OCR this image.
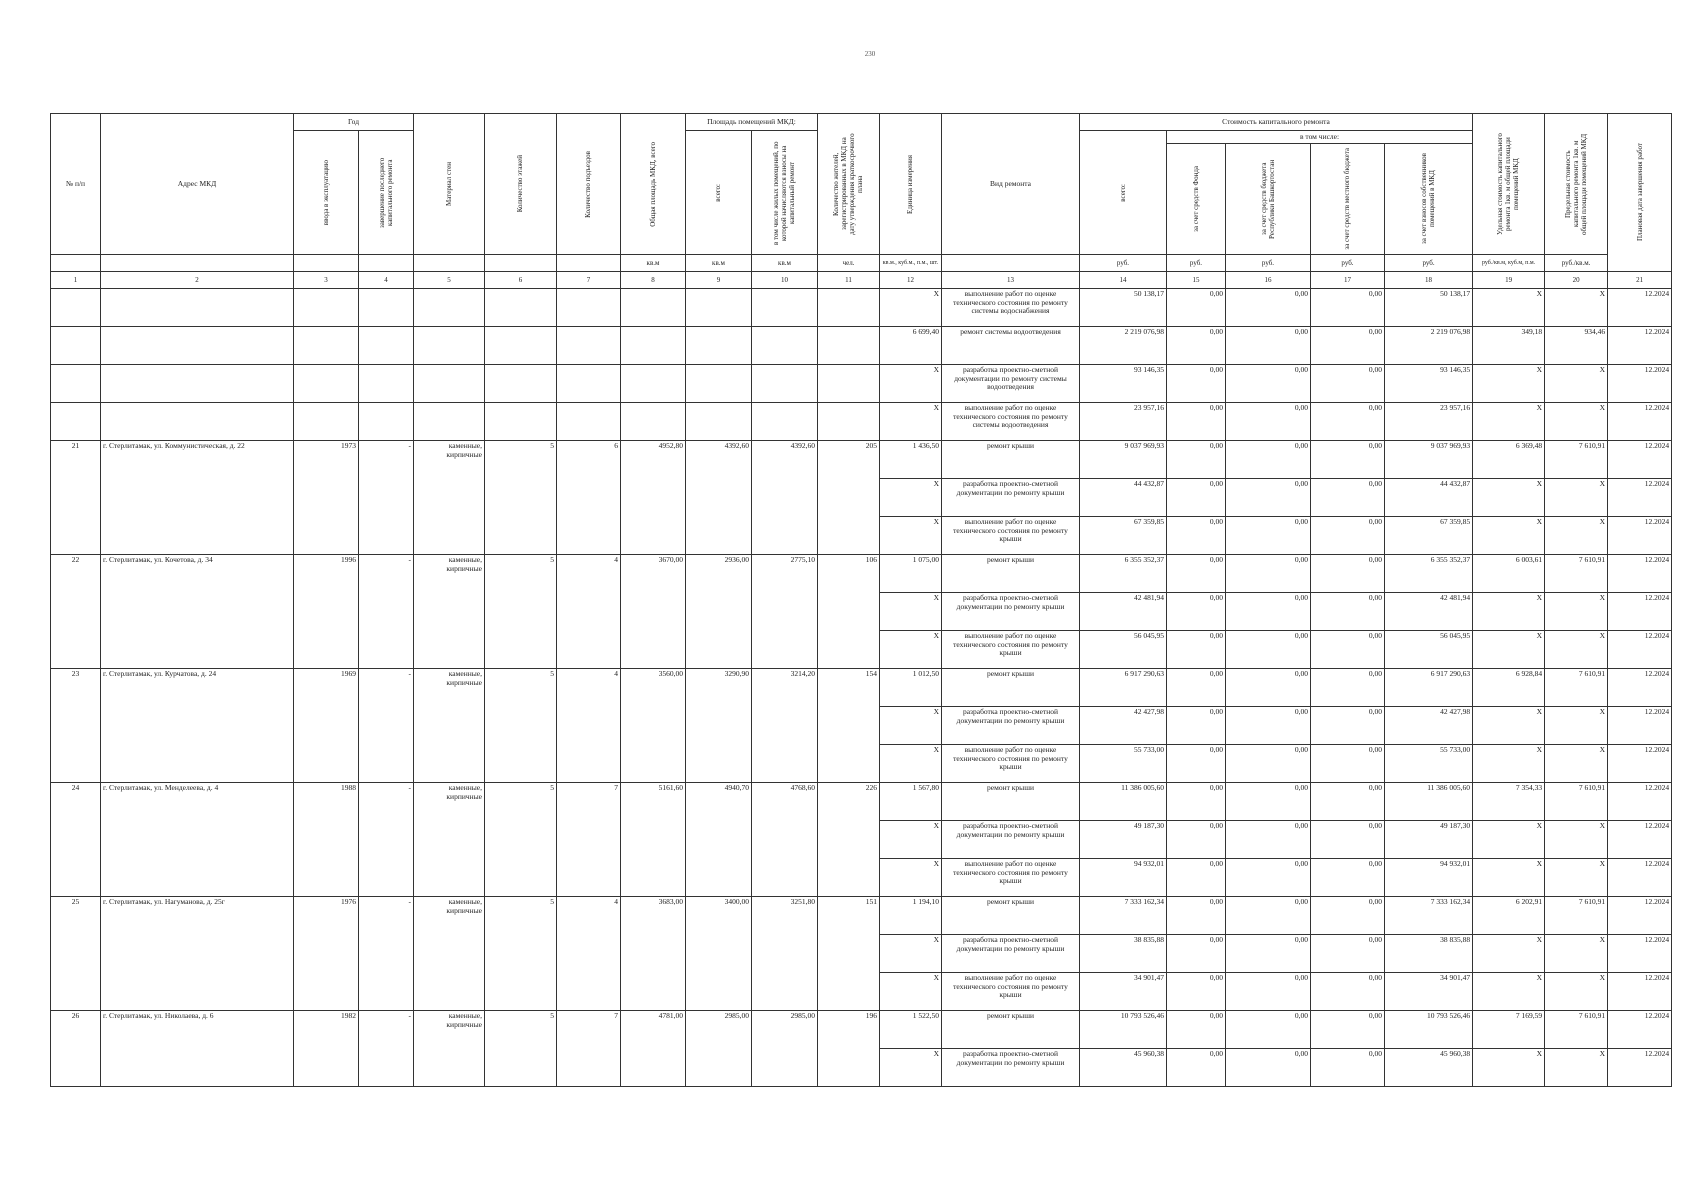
230
№ п/п	Адрес МКД	Год		Материал стен	Количество этажей	Количество подъездов	Общая площадь МКД, всего	Площадь помещений МКД:		Количество жителей, зарегистрированных в МКД на дату утверждения краткосрочного плана	Единица измерения	Вид ремонта	Стоимость капитального ремонта					Удельная стоимость капитального ремонта 1кв. м общей площади помещений МКД	Предельная стоимость капитального ремонта 1кв. м общей площади помещений МКД	Плановая дата завершения работ

		ввода в эксплуатацию	завершение последнего капитального ремонта					всего:	в том числе жилых помещений, по которой начисляются взносы на капитальный ремонт				всего:	в том числе:						

														за счет средств Фонда	за счет средств бюджета Республики Башкортостан	за счет средств местного бюджета	за счет взносов собственников помещений в МКД			

							кв.м	кв.м	кв.м	чел.	кв.м., куб.м., п.м., шт.		руб.	руб.	руб.	руб.	руб.	руб./кв.м, куб.м, п.м.	руб./кв.м.	
1	2	3	4	5	6	7	8	9	10	11	12	13	14	15	16	17	18	19	20	21
											X	выполнение работ по оценке технического состояния по ремонту системы водоснабжения	50 138,17	0,00	0,00	0,00	50 138,17	X	X	12.2024
											6 699,40	ремонт системы водоотведения	2 219 076,98	0,00	0,00	0,00	2 219 076,98	349,18	934,46	12.2024
											X	разработка проектно-сметной документации по ремонту системы водоотведения	93 146,35	0,00	0,00	0,00	93 146,35	X	X	12.2024
											X	выполнение работ по оценке технического состояния по ремонту системы водоотведения	23 957,16	0,00	0,00	0,00	23 957,16	X	X	12.2024
21	г. Стерлитамак, ул. Коммунистическая, д. 22	1973	-	каменные, кирпичные	5	6	4952,80	4392,60	4392,60	205	1 436,50	ремонт крыши	9 037 969,93	0,00	0,00	0,00	9 037 969,93	6 369,48	7 610,91	12.2024
											X	разработка проектно-сметной документации по ремонту крыши	44 432,87	0,00	0,00	0,00	44 432,87	X	X	12.2024
											X	выполнение работ по оценке технического состояния по ремонту крыши	67 359,85	0,00	0,00	0,00	67 359,85	X	X	12.2024
22	г. Стерлитамак, ул. Кочетова, д. 34	1996	-	каменные, кирпичные	5	4	3670,00	2936,00	2775,10	106	1 075,00	ремонт крыши	6 355 352,37	0,00	0,00	0,00	6 355 352,37	6 003,61	7 610,91	12.2024
											X	разработка проектно-сметной документации по ремонту крыши	42 481,94	0,00	0,00	0,00	42 481,94	X	X	12.2024
											X	выполнение работ по оценке технического состояния по ремонту крыши	56 045,95	0,00	0,00	0,00	56 045,95	X	X	12.2024
23	г. Стерлитамак, ул. Курчатова, д. 24	1969	-	каменные, кирпичные	5	4	3560,00	3290,90	3214,20	154	1 012,50	ремонт крыши	6 917 290,63	0,00	0,00	0,00	6 917 290,63	6 928,84	7 610,91	12.2024
											X	разработка проектно-сметной документации по ремонту крыши	42 427,98	0,00	0,00	0,00	42 427,98	X	X	12.2024
											X	выполнение работ по оценке технического состояния по ремонту крыши	55 733,00	0,00	0,00	0,00	55 733,00	X	X	12.2024
24	г. Стерлитамак, ул. Менделеева, д. 4	1988	-	каменные, кирпичные	5	7	5161,60	4940,70	4768,60	226	1 567,80	ремонт крыши	11 386 005,60	0,00	0,00	0,00	11 386 005,60	7 354,33	7 610,91	12.2024
											X	разработка проектно-сметной документации по ремонту крыши	49 187,30	0,00	0,00	0,00	49 187,30	X	X	12.2024
											X	выполнение работ по оценке технического состояния по ремонту крыши	94 932,01	0,00	0,00	0,00	94 932,01	X	X	12.2024
25	г. Стерлитамак, ул. Нагуманова, д. 25г	1976	-	каменные, кирпичные	5	4	3683,00	3400,00	3251,80	151	1 194,10	ремонт крыши	7 333 162,34	0,00	0,00	0,00	7 333 162,34	6 202,91	7 610,91	12.2024
											X	разработка проектно-сметной документации по ремонту крыши	38 835,88	0,00	0,00	0,00	38 835,88	X	X	12.2024
											X	выполнение работ по оценке технического состояния по ремонту крыши	34 901,47	0,00	0,00	0,00	34 901,47	X	X	12.2024
26	г. Стерлитамак, ул. Николаева, д. 6	1982	-	каменные, кирпичные	5	7	4781,00	2985,00	2985,00	196	1 522,50	ремонт крыши	10 793 526,46	0,00	0,00	0,00	10 793 526,46	7 169,59	7 610,91	12.2024
											X	разработка проектно-сметной документации по ремонту крыши	45 960,38	0,00	0,00	0,00	45 960,38	X	X	12.2024
